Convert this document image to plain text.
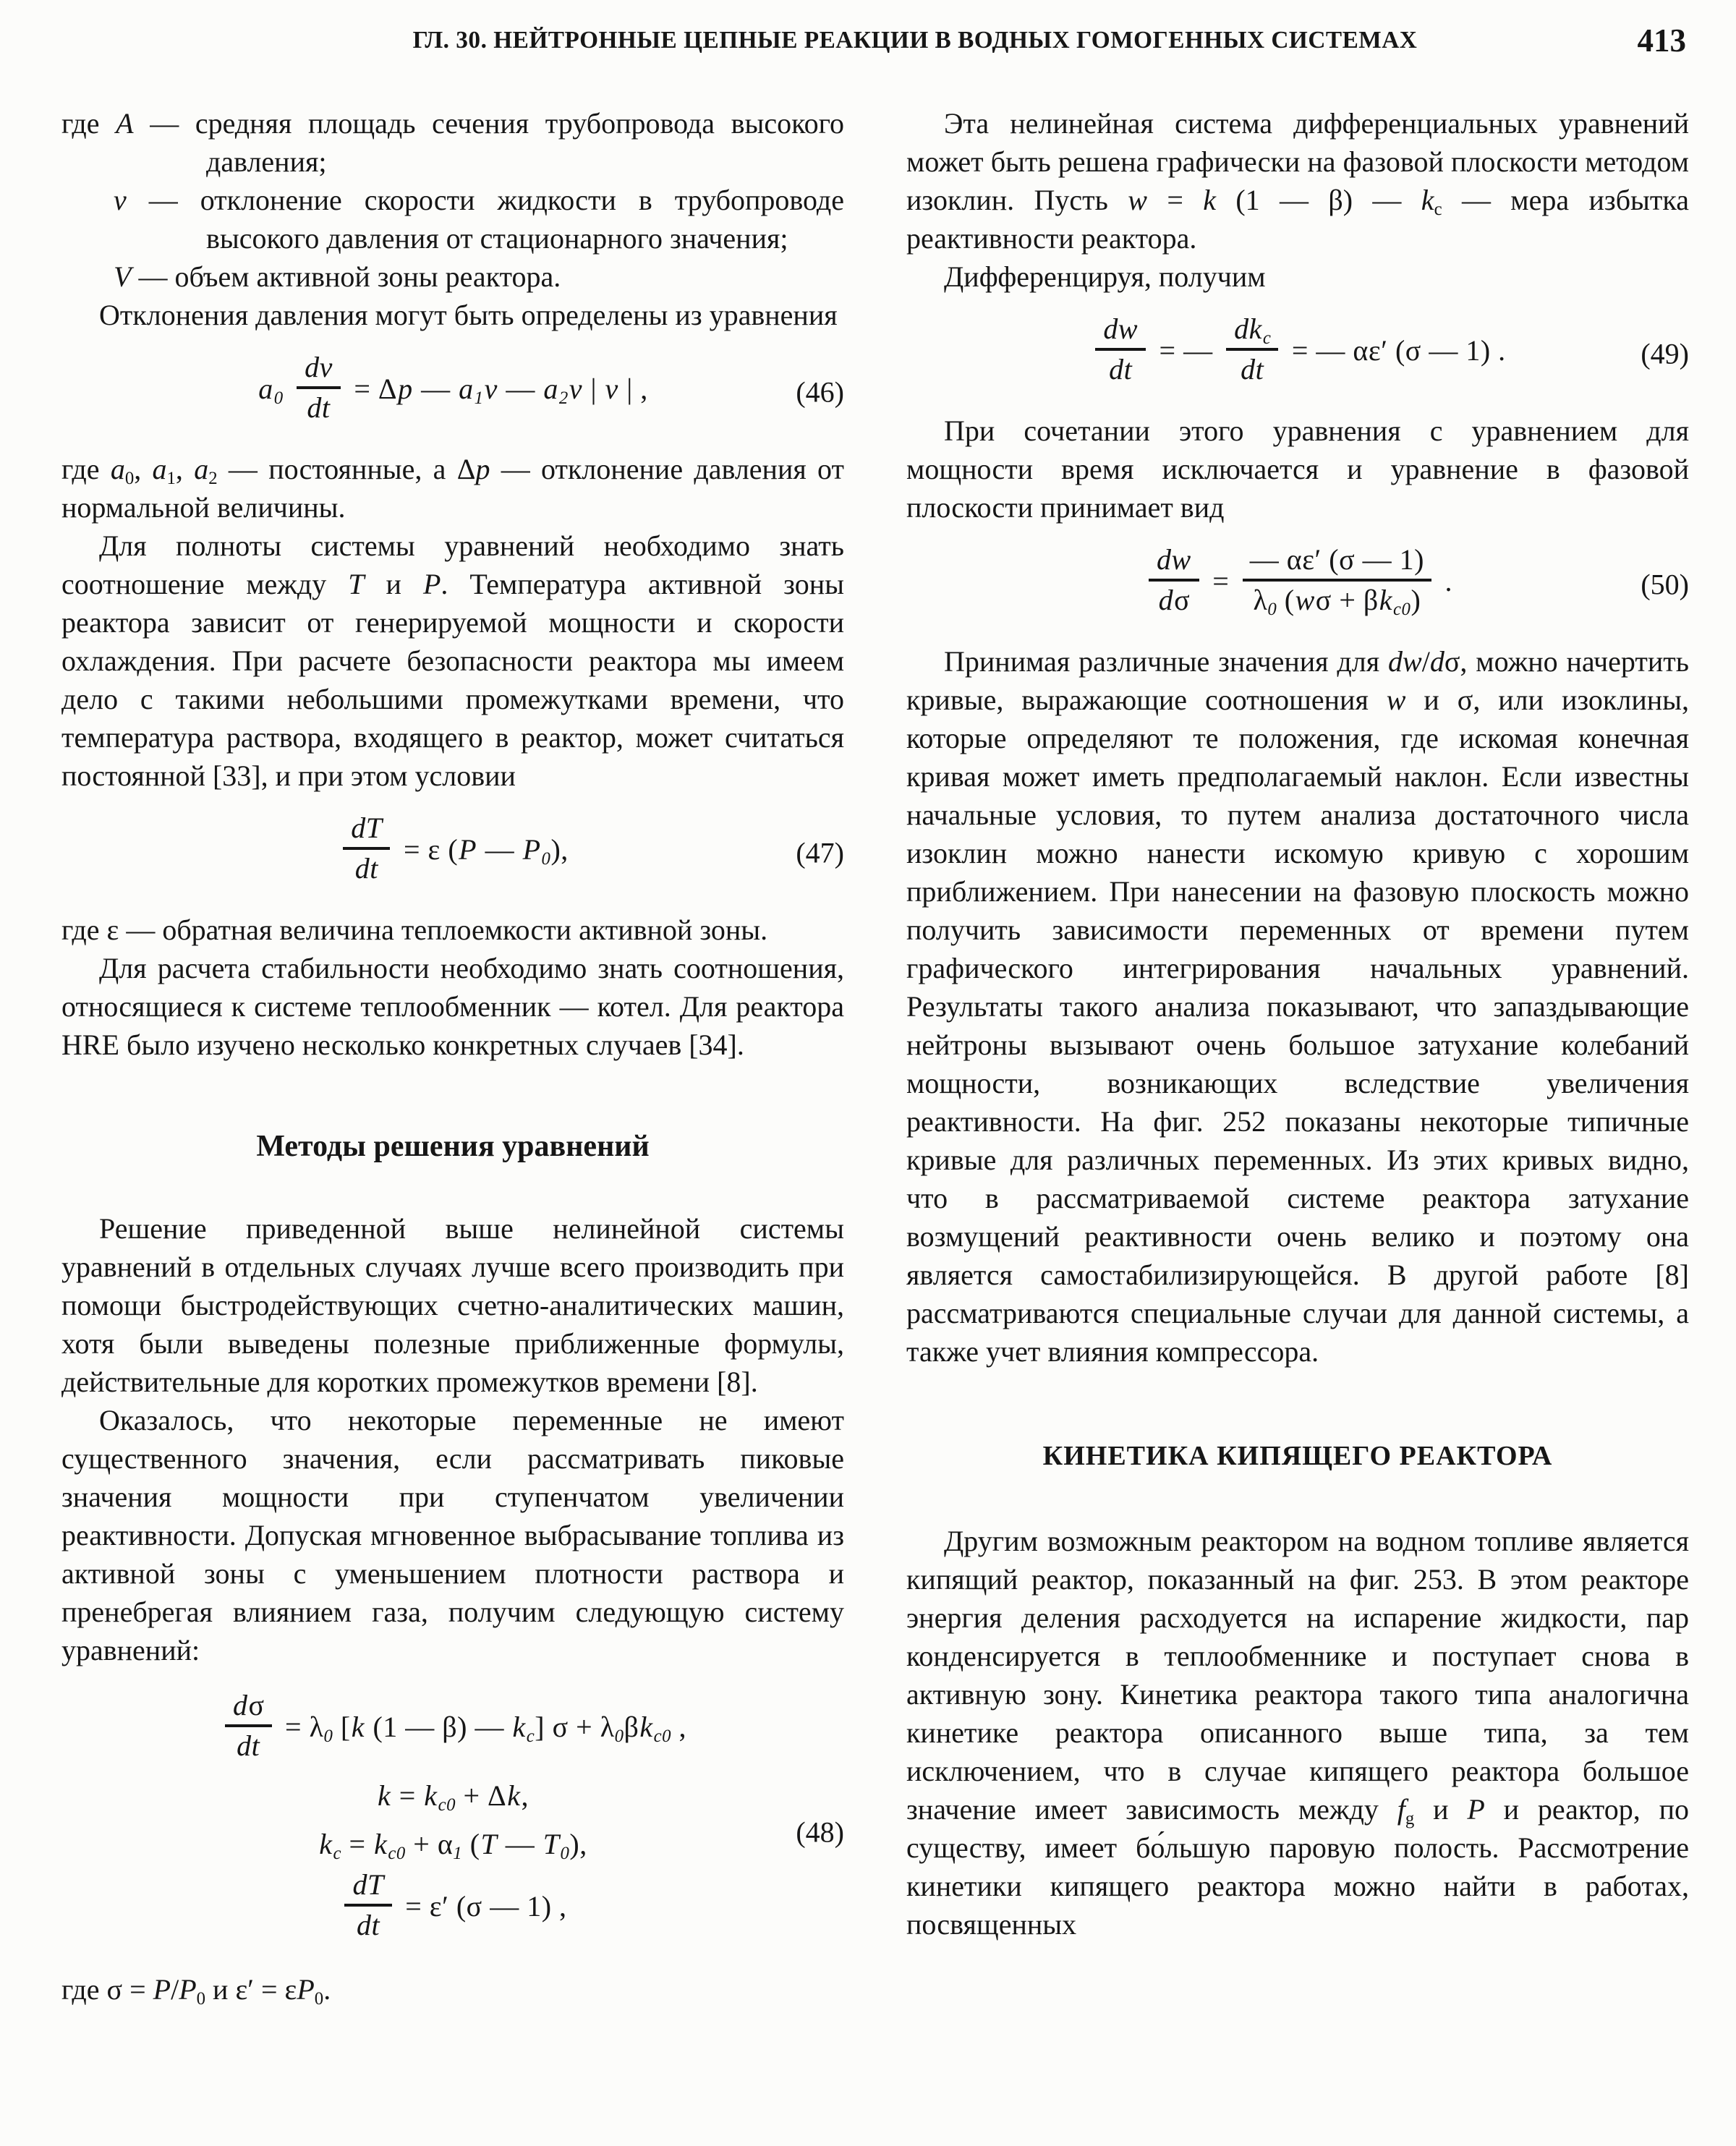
ГЛ. 30. НЕЙТРОННЫЕ ЦЕПНЫЕ РЕАКЦИИ В ВОДНЫХ ГОМОГЕННЫХ СИСТЕМАХ	413

где A — средняя площадь сечения трубопровода высокого давления;

v — отклонение скорости жидкости в трубопроводе высокого давления от стационарного значения;

V — объем активной зоны реактора.

Отклонения давления могут быть определены из уравнения

$a_0 \frac{dv}{dt} = \Delta p$ — $a_1v$ — $a_2v$ | v | ,	(46)

где $a_0$, $a_1$, $a_2$ — постоянные, а Δp — отклонение давления от нормальной величины.

Для полноты системы уравнений необходимо знать соотношение между T и P. Температура активной зоны реактора зависит от генерируемой мощности и скорости охлаждения. При расчете безопасности реактора мы имеем дело с такими небольшими промежутками времени, что температура раствора, входящего в реактор, может считаться постоянной [33], и при этом условии

$\frac{dT}{dt} = \varepsilon$ (P — $P_0$),	(47)

где ε — обратная величина теплоемкости активной зоны.

Для расчета стабильности необходимо знать соотношения, относящиеся к системе теплообменник — котел. Для реактора HRE было изучено несколько конкретных случаев [34].

Методы решения уравнений

Решение приведенной выше нелинейной системы уравнений в отдельных случаях лучше всего производить при помощи быстродействующих счетно-аналитических машин, хотя были выведены полезные приближенные формулы, действительные для коротких промежутков времени [8].

Оказалось, что некоторые переменные не имеют существенного значения, если рассматривать пиковые значения мощности при ступенчатом увеличении реактивности. Допуская мгновенное выбрасывание топлива из активной зоны с уменьшением плотности раствора и пренебрегая влиянием газа, получим следующую систему уравнений:

$\frac{d\sigma}{dt} = \lambda_0$ [k (1 — β) — $k_c$] $\sigma + \lambda_0\beta k_{c0}$ ,
$k = k_{c0} + \Delta k$,
$k_c = k_{c0} + \alpha_1$ (T — $T_0$),
$\frac{dT}{dt} = \varepsilon'$ (σ — 1) ,
(48)

где $\sigma = P/P_0$ и $\varepsilon' = \varepsilon P_0$.

Эта нелинейная система дифференциальных уравнений может быть решена графически на фазовой плоскости методом изоклин. Пусть w = k (1 — β) — $k_c$ — мера избытка реактивности реактора.

Дифференцируя, получим

$\frac{dw}{dt}$ = — $\frac{dk_c}{dt}$ = — αε′ (σ — 1) .	(49)

При сочетании этого уравнения с уравнением для мощности время исключается и уравнение в фазовой плоскости принимает вид

$\frac{dw}{d\sigma} = \frac{— \alpha\varepsilon' (\sigma — 1)}{\lambda_0 (w\sigma + \beta k_{c0})}$ .	(50)

Принимая различные значения для dw/dσ, можно начертить кривые, выражающие соотношения w и σ, или изоклины, которые определяют те положения, где искомая конечная кривая может иметь предполагаемый наклон. Если известны начальные условия, то путем анализа достаточного числа изоклин можно нанести искомую кривую с хорошим приближением. При нанесении на фазовую плоскость можно получить зависимости переменных от времени путем графического интегрирования начальных уравнений. Результаты такого анализа показывают, что запаздывающие нейтроны вызывают очень большое затухание колебаний мощности, возникающих вследствие увеличения реактивности. На фиг. 252 показаны некоторые типичные кривые для различных переменных. Из этих кривых видно, что в рассматриваемой системе реактора затухание возмущений реактивности очень велико и поэтому она является самостабилизирующейся. В другой работе [8] рассматриваются специальные случаи для данной системы, а также учет влияния компрессора.

КИНЕТИКА КИПЯЩЕГО РЕАКТОРА

Другим возможным реактором на водном топливе является кипящий реактор, показанный на фиг. 253. В этом реакторе энергия деления расходуется на испарение жидкости, пар конденсируется в теплообменнике и поступает снова в активную зону. Кинетика реактора такого типа аналогична кинетике реактора описанного выше типа, за тем исключением, что в случае кипящего реактора большое значение имеет зависимость между $f_g$ и P и реактор, по существу, имеет бо́льшую паровую полость. Рассмотрение кинетики кипящего реактора можно найти в работах, посвященных
